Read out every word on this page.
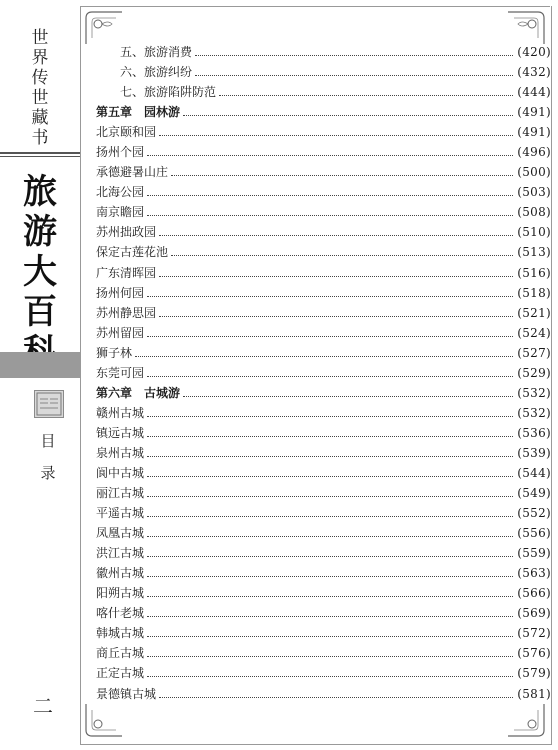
世
界
传
世
藏
书
旅
游
大
百
目
录
二
五、旅游消费	(420)
六、旅游纠纷	(432)
七、旅游陷阱防范	(444)
第五章　园林游	(491)
北京颐和园	(491)
扬州个园	(496)
承德避暑山庄	(500)
北海公园	(503)
南京瞻园	(508)
苏州拙政园	(510)
保定古莲花池	(513)
广东清晖园	(516)
扬州何园	(518)
苏州静思园	(521)
苏州留园	(524)
狮子林	(527)
东莞可园	(529)
第六章　古城游	(532)
赣州古城	(532)
镇远古城	(536)
泉州古城	(539)
阆中古城	(544)
丽江古城	(549)
平遥古城	(552)
凤凰古城	(556)
洪江古城	(559)
徽州古城	(563)
阳朔古城	(566)
喀什老城	(569)
韩城古城	(572)
商丘古城	(576)
正定古城	(579)
景德镇古城	(581)
